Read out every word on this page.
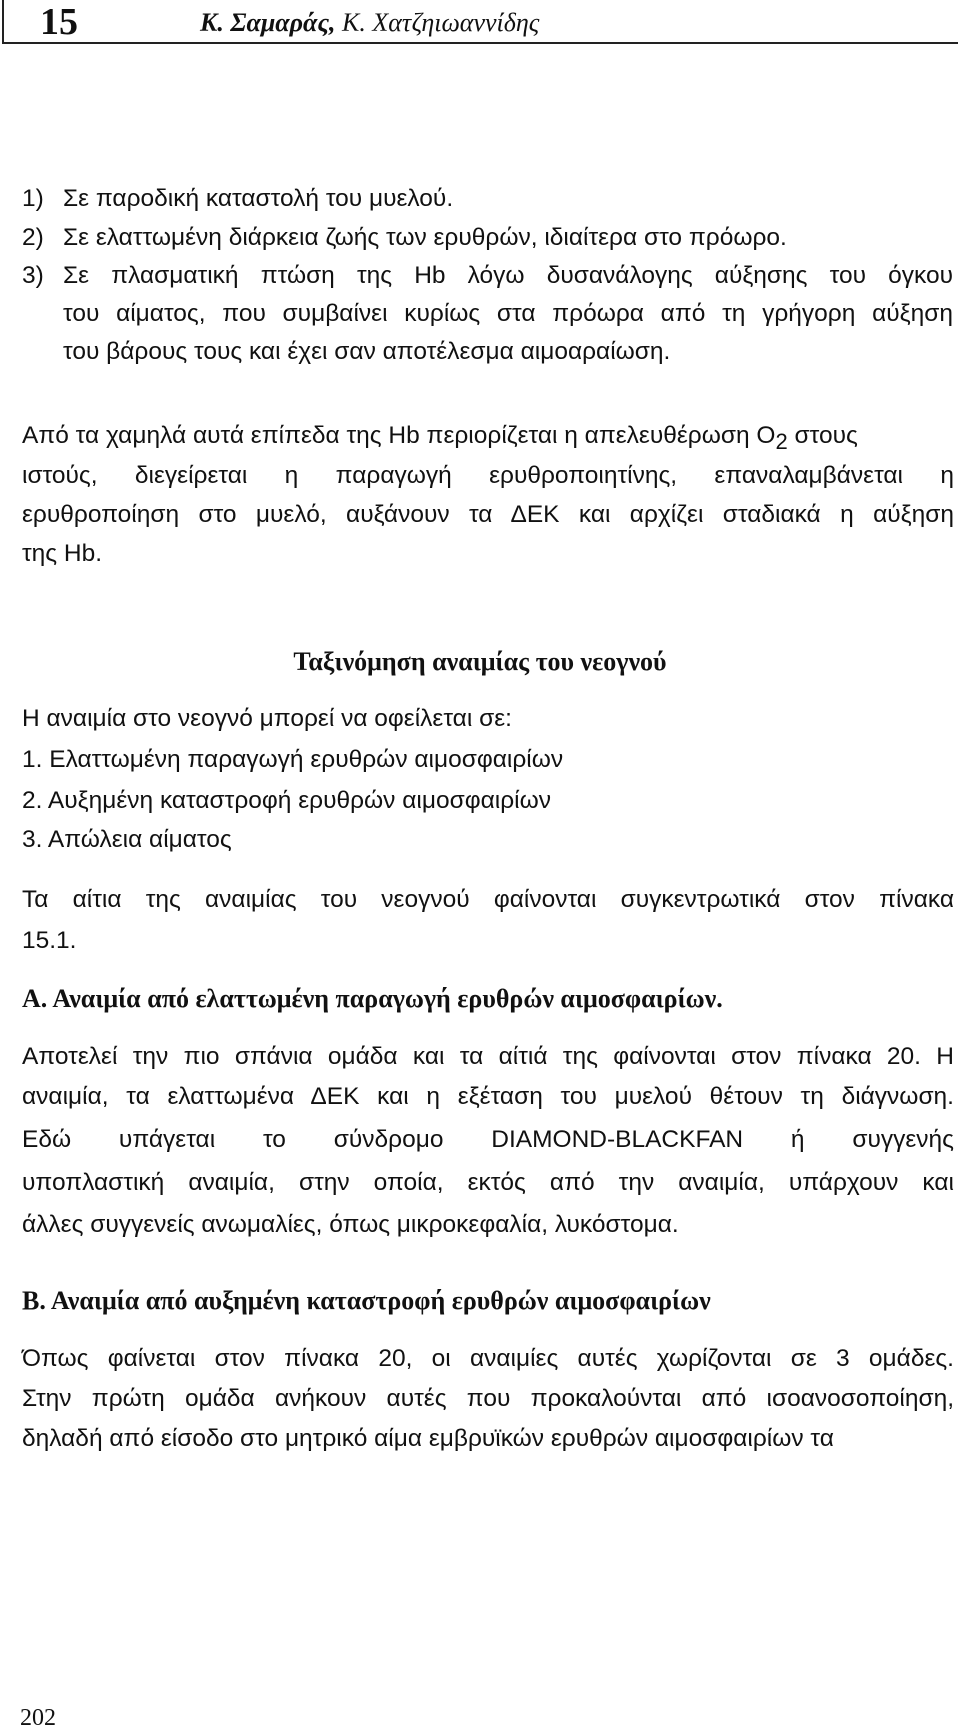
15	Κ. Σαμαράς, Κ. Χατζηιωαννίδης
1) Σε παροδική καταστολή του μυελού.
2) Σε ελαττωμένη διάρκεια ζωής των ερυθρών, ιδιαίτερα στο πρόωρο.
3) Σε πλασματική πτώση της Hb λόγω δυσανάλογης αύξησης του όγκου
του αίματος, που συμβαίνει κυρίως στα πρόωρα από τη γρήγορη αύξηση
του βάρους τους και έχει σαν αποτέλεσμα αιμοαραίωση.
Από τα χαμηλά αυτά επίπεδα της Hb περιορίζεται η απελευθέρωση $O_2$ στους
ιστούς, διεγείρεται η παραγωγή ερυθροποιητίνης, επαναλαμβάνεται η
ερυθροποίηση στο μυελό, αυξάνουν τα ΔΕΚ και αρχίζει σταδιακά η αύξηση
της Hb.
Ταξινόμηση αναιμίας του νεογνού
Η αναιμία στο νεογνό μπορεί να οφείλεται σε:
1. Ελαττωμένη παραγωγή ερυθρών αιμοσφαιρίων
2. Αυξημένη καταστροφή ερυθρών αιμοσφαιρίων
3. Απώλεια αίματος
Τα αίτια της αναιμίας του νεογνού φαίνονται συγκεντρωτικά στον πίνακα
15.1.
Α. Αναιμία από ελαττωμένη παραγωγή ερυθρών αιμοσφαιρίων.
Αποτελεί την πιο σπάνια ομάδα και τα αίτιά της φαίνονται στον πίνακα 20. Η
αναιμία, τα ελαττωμένα ΔΕΚ και η εξέταση του μυελού θέτουν τη διάγνωση.
Εδώ υπάγεται το σύνδρομο DIAMOND-BLACKFAN ή συγγενής
υποπλαστική αναιμία, στην οποία, εκτός από την αναιμία, υπάρχουν και
άλλες συγγενείς ανωμαλίες, όπως μικροκεφαλία, λυκόστομα.
Β. Αναιμία από αυξημένη καταστροφή ερυθρών αιμοσφαιρίων
Όπως φαίνεται στον πίνακα 20, οι αναιμίες αυτές χωρίζονται σε 3 ομάδες.
Στην πρώτη ομάδα ανήκουν αυτές που προκαλούνται από ισοανοσοποίηση,
δηλαδή από είσοδο στο μητρικό αίμα εμβρυϊκών ερυθρών αιμοσφαιρίων τα
202
